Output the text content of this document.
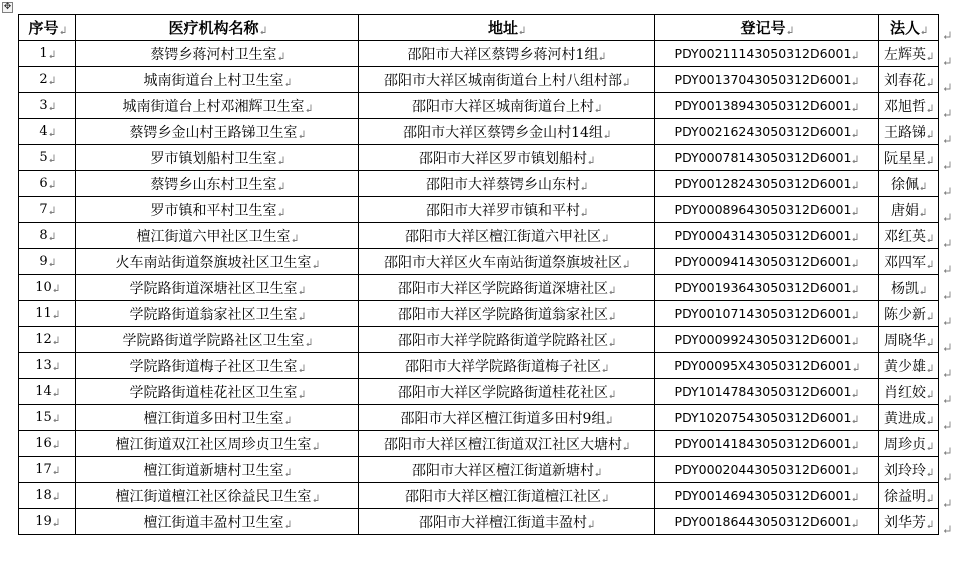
✥
序号	医疗机构名称	地址	登记号	法人

1	蔡锷乡蒋河村卫生室	邵阳市大祥区蔡锷乡蒋河村1组	PDY00211143050312D6001	左辉英

2	城南街道台上村卫生室	邵阳市大祥区城南街道台上村八组村部	PDY00137043050312D6001	刘春花

3	城南街道台上村邓湘辉卫生室	邵阳市大祥区城南街道台上村	PDY00138943050312D6001	邓旭哲

4	蔡锷乡金山村王路锑卫生室	邵阳市大祥区蔡锷乡金山村14组	PDY00216243050312D6001	王路锑

5	罗市镇划船村卫生室	邵阳市大祥区罗市镇划船村	PDY00078143050312D6001	阮星星

6	蔡锷乡山东村卫生室	邵阳市大祥蔡锷乡山东村	PDY00128243050312D6001	徐佩

7	罗市镇和平村卫生室	邵阳市大祥罗市镇和平村	PDY00089643050312D6001	唐娟

8	檀江街道六甲社区卫生室	邵阳市大祥区檀江街道六甲社区	PDY00043143050312D6001	邓红英

9	火车南站街道祭旗坡社区卫生室	邵阳市大祥区火车南站街道祭旗坡社区	PDY00094143050312D6001	邓四军

10	学院路街道深塘社区卫生室	邵阳市大祥区学院路街道深塘社区	PDY00193643050312D6001	杨凯

11	学院路街道翁家社区卫生室	邵阳市大祥区学院路街道翁家社区	PDY00107143050312D6001	陈少新

12	学院路街道学院路社区卫生室	邵阳市大祥学院路街道学院路社区	PDY00099243050312D6001	周晓华

13	学院路街道梅子社区卫生室	邵阳市大祥学院路街道梅子社区	PDY00095X43050312D6001	黄少雄

14	学院路街道桂花社区卫生室	邵阳市大祥区学院路街道桂花社区	PDY10147843050312D6001	肖红姣

15	檀江街道多田村卫生室	邵阳市大祥区檀江街道多田村9组	PDY10207543050312D6001	黄进成

16	檀江街道双江社区周珍贞卫生室	邵阳市大祥区檀江街道双江社区大塘村	PDY00141843050312D6001	周珍贞

17	檀江街道新塘村卫生室	邵阳市大祥区檀江街道新塘村	PDY00020443050312D6001	刘玲玲

18	檀江街道檀江社区徐益民卫生室	邵阳市大祥区檀江街道檀江社区	PDY00146943050312D6001	徐益明

19	檀江街道丰盈村卫生室	邵阳市大祥檀江街道丰盈村	PDY00186443050312D6001	刘华芳
